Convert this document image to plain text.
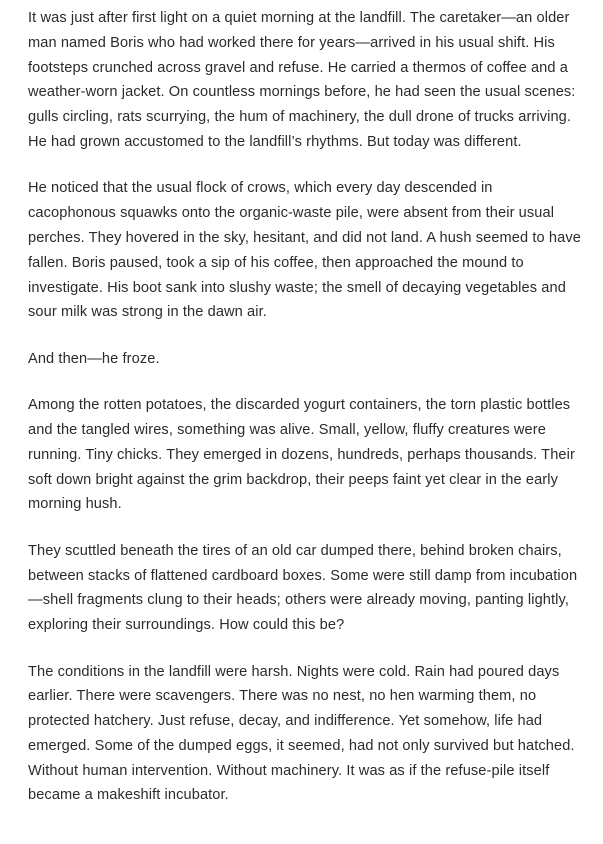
It was just after first light on a quiet morning at the landfill. The caretaker—an older man named Boris who had worked there for years—arrived in his usual shift. His footsteps crunched across gravel and refuse. He carried a thermos of coffee and a weather-worn jacket. On countless mornings before, he had seen the usual scenes: gulls circling, rats scurrying, the hum of machinery, the dull drone of trucks arriving. He had grown accustomed to the landfill’s rhythms. But today was different.

He noticed that the usual flock of crows, which every day descended in cacophonous squawks onto the organic-waste pile, were absent from their usual perches. They hovered in the sky, hesitant, and did not land. A hush seemed to have fallen. Boris paused, took a sip of his coffee, then approached the mound to investigate. His boot sank into slushy waste; the smell of decaying vegetables and sour milk was strong in the dawn air.

And then—he froze.

Among the rotten potatoes, the discarded yogurt containers, the torn plastic bottles and the tangled wires, something was alive. Small, yellow, fluffy creatures were running. Tiny chicks. They emerged in dozens, hundreds, perhaps thousands. Their soft down bright against the grim backdrop, their peeps faint yet clear in the early morning hush.

They scuttled beneath the tires of an old car dumped there, behind broken chairs, between stacks of flattened cardboard boxes. Some were still damp from incubation—shell fragments clung to their heads; others were already moving, panting lightly, exploring their surroundings. How could this be?

The conditions in the landfill were harsh. Nights were cold. Rain had poured days earlier. There were scavengers. There was no nest, no hen warming them, no protected hatchery. Just refuse, decay, and indifference. Yet somehow, life had emerged. Some of the dumped eggs, it seemed, had not only survived but hatched. Without human intervention. Without machinery. It was as if the refuse-pile itself became a makeshift incubator.
